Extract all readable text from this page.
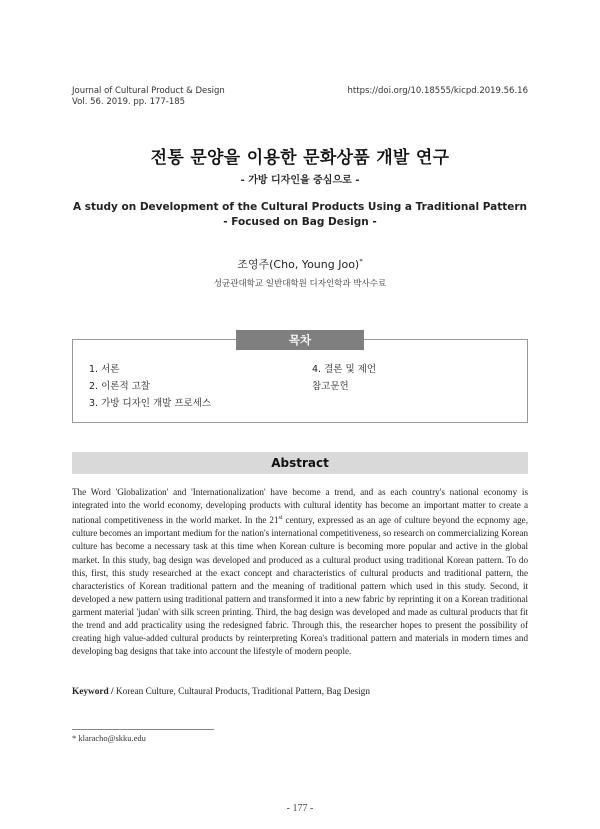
Journal of Cultural Product & Design
Vol. 56. 2019. pp. 177-185
https://doi.org/10.18555/kicpd.2019.56.16
전통 문양을 이용한 문화상품 개발 연구
- 가방 디자인을 중심으로 -
A study on Development of the Cultural Products Using a Traditional Pattern
- Focused on Bag Design -
조영주(Cho, Young Joo)*
성균관대학교 일반대학원 디자인학과 박사수료
목차
1. 서론
2. 이론적 고찰
3. 가방 디자인 개발 프로세스
4. 결론 및 제언
참고문헌
Abstract

The Word 'Globalization' and 'Internationalization' have become a trend, and as each country's national economy is integrated into the world economy, developing products with cultural identity has become an important matter to create a national competitiveness in the world market. In the 21st century, expressed as an age of culture beyond the ecpnomy age, culture becomes an important medium for the nation's international competitiveness, so research on commercializing Korean culture has become a necessary task at this time when Korean culture is becoming more popular and active in the global market. In this study, bag design was developed and produced as a cultural product using traditional Korean pattern. To do this, first, this study researched at the exact concept and characteristics of cultural products and traditional pattern, the characteristics of Korean traditional pattern and the meaning of traditional pattern which used in this study. Second, it developed a new pattern using traditional pattern and transformed it into a new fabric by reprinting it on a Korean traditional garment material 'judan' with silk screen printing. Third, the bag design was developed and made as cultural products that fit the trend and add practicality using the redesigned fabric. Through this, the researcher hopes to present the possibility of creating high value-added cultural products by reinterpreting Korea's traditional pattern and materials in modern times and developing bag designs that take into account the lifestyle of modern people.

Keyword / Korean Culture, Cultaural Products, Traditional Pattern, Bag Design
* klaracho@skku.edu
- 177 -
